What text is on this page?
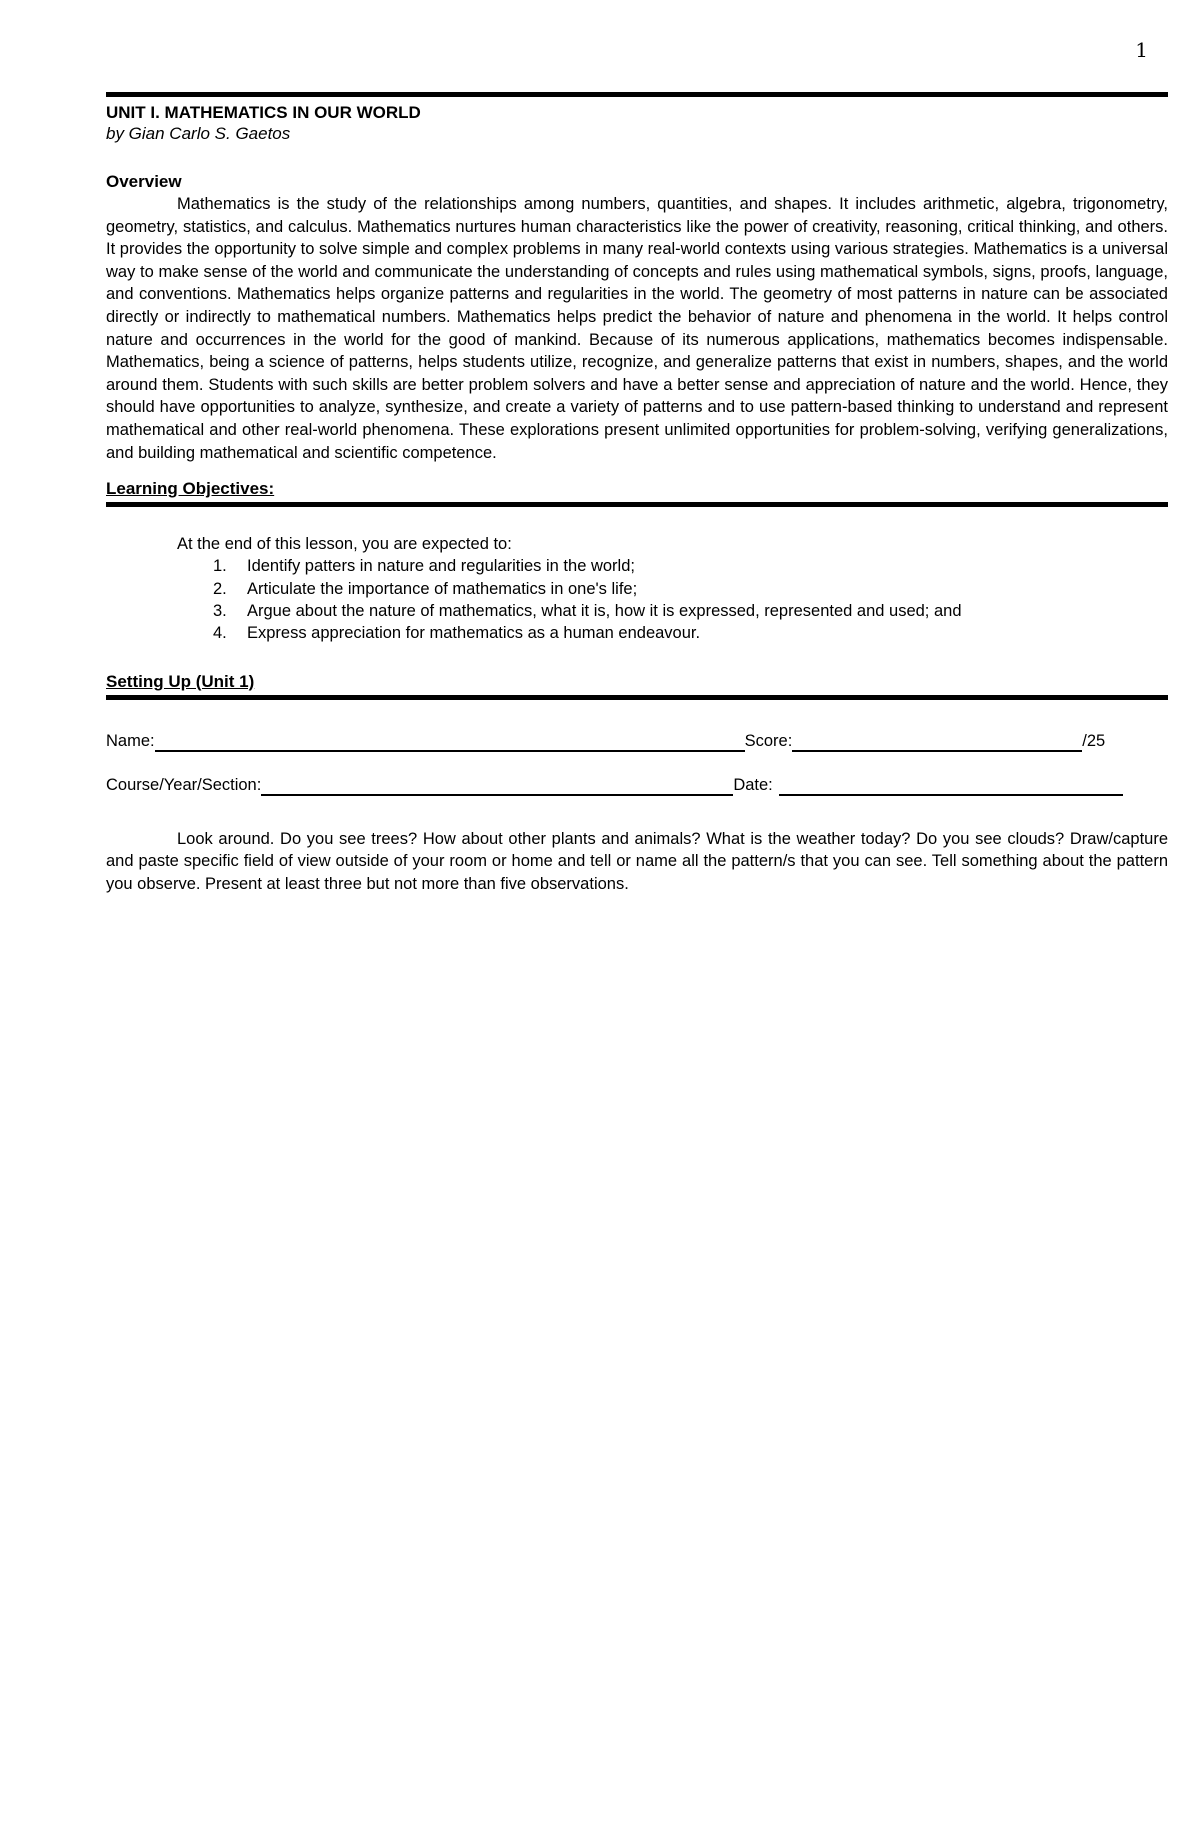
1
UNIT I. MATHEMATICS IN OUR WORLD
by Gian Carlo S. Gaetos
Overview

Mathematics is the study of the relationships among numbers, quantities, and shapes. It includes arithmetic, algebra, trigonometry, geometry, statistics, and calculus. Mathematics nurtures human characteristics like the power of creativity, reasoning, critical thinking, and others. It provides the opportunity to solve simple and complex problems in many real-world contexts using various strategies. Mathematics is a universal way to make sense of the world and communicate the understanding of concepts and rules using mathematical symbols, signs, proofs, language, and conventions. Mathematics helps organize patterns and regularities in the world. The geometry of most patterns in nature can be associated directly or indirectly to mathematical numbers. Mathematics helps predict the behavior of nature and phenomena in the world. It helps control nature and occurrences in the world for the good of mankind. Because of its numerous applications, mathematics becomes indispensable. Mathematics, being a science of patterns, helps students utilize, recognize, and generalize patterns that exist in numbers, shapes, and the world around them. Students with such skills are better problem solvers and have a better sense and appreciation of nature and the world. Hence, they should have opportunities to analyze, synthesize, and create a variety of patterns and to use pattern-based thinking to understand and represent mathematical and other real-world phenomena. These explorations present unlimited opportunities for problem-solving, verifying generalizations, and building mathematical and scientific competence.

Learning Objectives:
At the end of this lesson, you are expected to:
1. Identify patters in nature and regularities in the world;
2. Articulate the importance of mathematics in one's life;
3. Argue about the nature of mathematics, what it is, how it is expressed, represented and used; and
4. Express appreciation for mathematics as a human endeavour.
Setting Up (Unit 1)
Name:	Score:	/25
Course/Year/Section:	Date:

Look around. Do you see trees? How about other plants and animals? What is the weather today? Do you see clouds? Draw/capture and paste specific field of view outside of your room or home and tell or name all the pattern/s that you can see. Tell something about the pattern you observe. Present at least three but not more than five observations.
